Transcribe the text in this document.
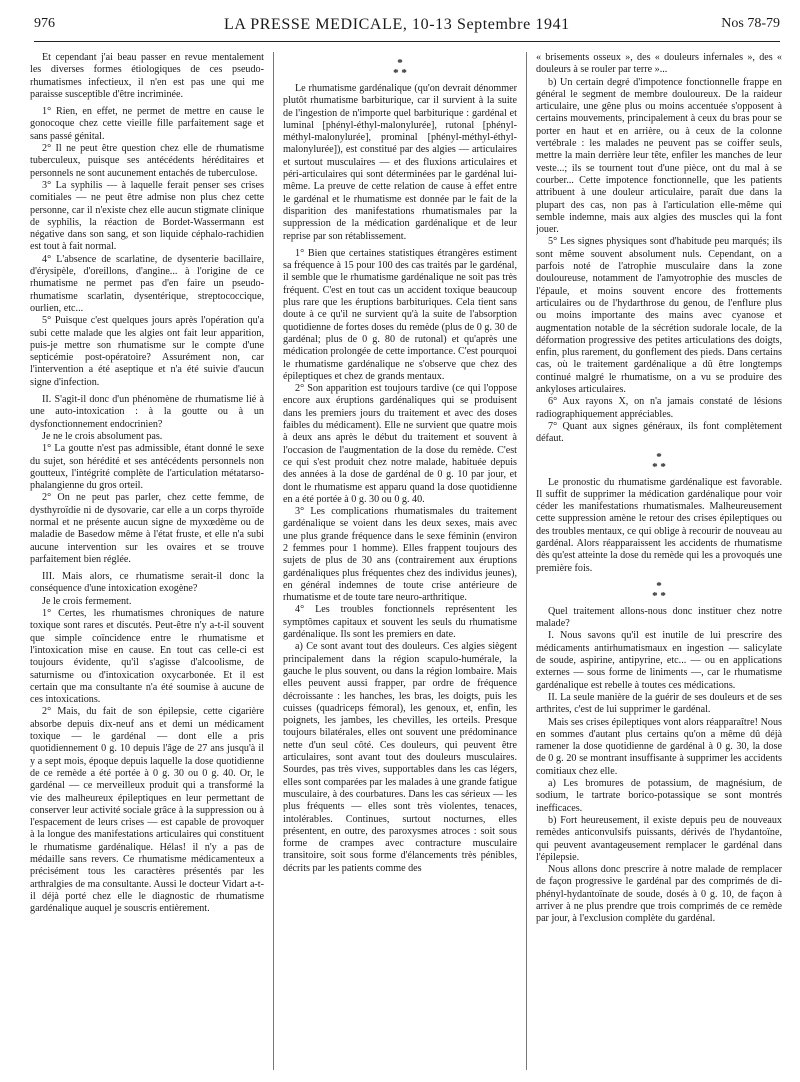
976	LA PRESSE MEDICALE, 10-13 Septembre 1941	Nos 78-79

Et cependant j'ai beau passer en revue mentalement les diverses formes étiologiques de ces pseudo-rhumatismes infectieux, il n'en est pas une qui me paraisse susceptible d'être incriminée.

1° Rien, en effet, ne permet de mettre en cause le gonocoque chez cette vieille fille parfaitement sage et sans passé génital.

2° Il ne peut être question chez elle de rhumatisme tuberculeux, puisque ses antécédents héréditaires et personnels ne sont aucunement entachés de tuberculose.

3° La syphilis — à laquelle ferait penser ses crises comitiales — ne peut être admise non plus chez cette personne, car il n'existe chez elle aucun stigmate clinique de syphilis, la réaction de Bordet-Wassermann est négative dans son sang, et son liquide céphalo-rachidien est tout à fait normal.

4° L'absence de scarlatine, de dysenterie bacillaire, d'érysipèle, d'oreillons, d'angine... à l'origine de ce rhumatisme ne permet pas d'en faire un pseudo-rhumatisme scarlatin, dysentérique, streptococcique, ourlien, etc...

5° Puisque c'est quelques jours après l'opération qu'a subi cette malade que les algies ont fait leur apparition, puis-je mettre son rhumatisme sur le compte d'une septicémie post-opératoire? Assurément non, car l'intervention a été aseptique et n'a été suivie d'aucun signe d'infection.

II. S'agit-il donc d'un phénomène de rhumatisme lié à une auto-intoxication : à la goutte ou à un dysfonctionnement endocrinien?

Je ne le crois absolument pas.

1° La goutte n'est pas admissible, étant donné le sexe du sujet, son hérédité et ses antécédents personnels non goutteux, l'intégrité complète de l'articulation métatarso-phalangienne du gros orteil.

2° On ne peut pas parler, chez cette femme, de dysthyroïdie ni de dysovarie, car elle a un corps thyroïde normal et ne présente aucun signe de myxœdème ou de maladie de Basedow même à l'état fruste, et elle n'a subi aucune intervention sur les ovaires et se trouve parfaitement bien réglée.

III. Mais alors, ce rhumatisme serait-il donc la conséquence d'une intoxication exogène?

Je le crois fermement.

1° Certes, les rhumatismes chroniques de nature toxique sont rares et discutés. Peut-être n'y a-t-il souvent que simple coïncidence entre le rhumatisme et l'intoxication mise en cause. En tout cas celle-ci est toujours évidente, qu'il s'agisse d'alcoolisme, de saturnisme ou d'intoxication oxycarbonée. Et il est certain que ma consultante n'a été soumise à aucune de ces intoxications.

2° Mais, du fait de son épilepsie, cette cigarière absorbe depuis dix-neuf ans et demi un médicament toxique — le gardénal — dont elle a pris quotidiennement 0 g. 10 depuis l'âge de 27 ans jusqu'à il y a sept mois, époque depuis laquelle la dose quotidienne de ce remède a été portée à 0 g. 30 ou 0 g. 40. Or, le gardénal — ce merveilleux produit qui a transformé la vie des malheureux épileptiques en leur permettant de conserver leur activité sociale grâce à la suppression ou à l'espacement de leurs crises — est capable de provoquer à la longue des manifestations articulaires qui constituent le rhumatisme gardénalique. Hélas! il n'y a pas de médaille sans revers. Ce rhumatisme médicamenteux a précisément tous les caractères présentés par les arthralgies de ma consultante. Aussi le docteur Vidart a-t-il déjà porté chez elle le diagnostic de rhumatisme gardénalique auquel je souscris entièrement.

*
* *

Le rhumatisme gardénalique (qu'on devrait dénommer plutôt rhumatisme barbiturique, car il survient à la suite de l'ingestion de n'importe quel barbiturique : gardénal et luminal [phényl-éthyl-malonylurée], rutonal [phényl-méthyl-malonylurée], prominal [phényl-méthyl-éthyl-malonylurée]), est constitué par des algies — articulaires et surtout musculaires — et des fluxions articulaires et péri-articulaires qui sont déterminées par le gardénal lui-même. La preuve de cette relation de cause à effet entre le gardénal et le rhumatisme est donnée par le fait de la disparition des manifestations rhumatismales par la suppression de la médication gardénalique et de leur reprise par son rétablissement.

1° Bien que certaines statistiques étrangères estiment sa fréquence à 15 pour 100 des cas traités par le gardénal, il semble que le rhumatisme gardénalique ne soit pas très fréquent. C'est en tout cas un accident toxique beaucoup plus rare que les éruptions barbituriques. Cela tient sans doute à ce qu'il ne survient qu'à la suite de l'absorption quotidienne de fortes doses du remède (plus de 0 g. 30 de gardénal; plus de 0 g. 80 de rutonal) et qu'après une médication prolongée de cette importance. C'est pourquoi le rhumatisme gardénalique ne s'observe que chez des épileptiques et chez de grands mentaux.

2° Son apparition est toujours tardive (ce qui l'oppose encore aux éruptions gardénaliques qui se produisent dans les premiers jours du traitement et avec des doses faibles du médicament). Elle ne survient que quatre mois à deux ans après le début du traitement et souvent à l'occasion de l'augmentation de la dose du remède. C'est ce qui s'est produit chez notre malade, habituée depuis des années à la dose de gardénal de 0 g. 10 par jour, et dont le rhumatisme est apparu quand la dose quotidienne en a été portée à 0 g. 30 ou 0 g. 40.

3° Les complications rhumatismales du traitement gardénalique se voient dans les deux sexes, mais avec une plus grande fréquence dans le sexe féminin (environ 2 femmes pour 1 homme). Elles frappent toujours des sujets de plus de 30 ans (contrairement aux éruptions gardénaliques plus fréquentes chez des individus jeunes), en général indemnes de toute crise antérieure de rhumatisme et de toute tare neuro-arthritique.

4° Les troubles fonctionnels représentent les symptômes capitaux et souvent les seuls du rhumatisme gardénalique. Ils sont les premiers en date.

a) Ce sont avant tout des douleurs. Ces algies siègent principalement dans la région scapulo-humérale, la gauche le plus souvent, ou dans la région lombaire. Mais elles peuvent aussi frapper, par ordre de fréquence décroissante : les hanches, les bras, les doigts, puis les cuisses (quadriceps fémoral), les genoux, et, enfin, les poignets, les jambes, les chevilles, les orteils. Presque toujours bilatérales, elles ont souvent une prédominance nette d'un seul côté. Ces douleurs, qui peuvent être articulaires, sont avant tout des douleurs musculaires. Sourdes, pas très vives, supportables dans les cas légers, elles sont comparées par les malades à une grande fatigue musculaire, à des courbatures. Dans les cas sérieux — les plus fréquents — elles sont très violentes, tenaces, intolérables. Continues, surtout nocturnes, elles présentent, en outre, des paroxysmes atroces : soit sous forme de crampes avec contracture musculaire transitoire, soit sous forme d'élancements très pénibles, décrits par les patients comme des

« brisements osseux », des « douleurs infernales », des « douleurs à se rouler par terre »...

b) Un certain degré d'impotence fonctionnelle frappe en général le segment de membre douloureux. De la raideur articulaire, une gêne plus ou moins accentuée s'opposent à certains mouvements, principalement à ceux du bras pour se porter en haut et en arrière, ou à ceux de la colonne vertébrale : les malades ne peuvent pas se coiffer seuls, mettre la main derrière leur tête, enfiler les manches de leur veste...; ils se tournent tout d'une pièce, ont du mal à se courber... Cette impotence fonctionnelle, que les patients attribuent à une douleur articulaire, paraît due dans la plupart des cas, non pas à l'articulation elle-même qui semble indemne, mais aux algies des muscles qui la font jouer.

5° Les signes physiques sont d'habitude peu marqués; ils sont même souvent absolument nuls. Cependant, on a parfois noté de l'atrophie musculaire dans la zone douloureuse, notamment de l'amyotrophie des muscles de l'épaule, et moins souvent encore des frottements articulaires ou de l'hydarthrose du genou, de l'enflure plus ou moins importante des mains avec cyanose et augmentation notable de la sécrétion sudorale locale, de la déformation progressive des petites articulations des doigts, enfin, plus rarement, du gonflement des pieds. Dans certains cas, où le traitement gardénalique a dû être longtemps continué malgré le rhumatisme, on a vu se produire des ankyloses articulaires.

6° Aux rayons X, on n'a jamais constaté de lésions radiographiquement appréciables.

7° Quant aux signes généraux, ils font complètement défaut.

*
* *

Le pronostic du rhumatisme gardénalique est favorable. Il suffit de supprimer la médication gardénalique pour voir céder les manifestations rhumatismales. Malheureusement cette suppression amène le retour des crises épileptiques ou des troubles mentaux, ce qui oblige à recourir de nouveau au gardénal. Alors réapparaissent les accidents de rhumatisme dès qu'est atteinte la dose du remède qui les a provoqués une première fois.

*
* *

Quel traitement allons-nous donc instituer chez notre malade?

I. Nous savons qu'il est inutile de lui prescrire des médicaments antirhumatismaux en ingestion — salicylate de soude, aspirine, antipyrine, etc... — ou en applications externes — sous forme de liniments —, car le rhumatisme gardénalique est rebelle à toutes ces médications.

II. La seule manière de la guérir de ses douleurs et de ses arthrites, c'est de lui supprimer le gardénal.

Mais ses crises épileptiques vont alors réapparaître! Nous en sommes d'autant plus certains qu'on a même dû déjà ramener la dose quotidienne de gardénal à 0 g. 30, la dose de 0 g. 20 se montrant insuffisante à supprimer les accidents comitiaux chez elle.

a) Les bromures de potassium, de magnésium, de sodium, le tartrate borico-potassique se sont montrés inefficaces.

b) Fort heureusement, il existe depuis peu de nouveaux remèdes anticonvulsifs puissants, dérivés de l'hydantoïne, qui peuvent avantageusement remplacer le gardénal dans l'épilepsie.

Nous allons donc prescrire à notre malade de remplacer de façon progressive le gardénal par des comprimés de di-phényl-hydantoïnate de soude, dosés à 0 g. 10, de façon à arriver à ne plus prendre que trois comprimés de ce remède par jour, à l'exclusion complète du gardénal.
